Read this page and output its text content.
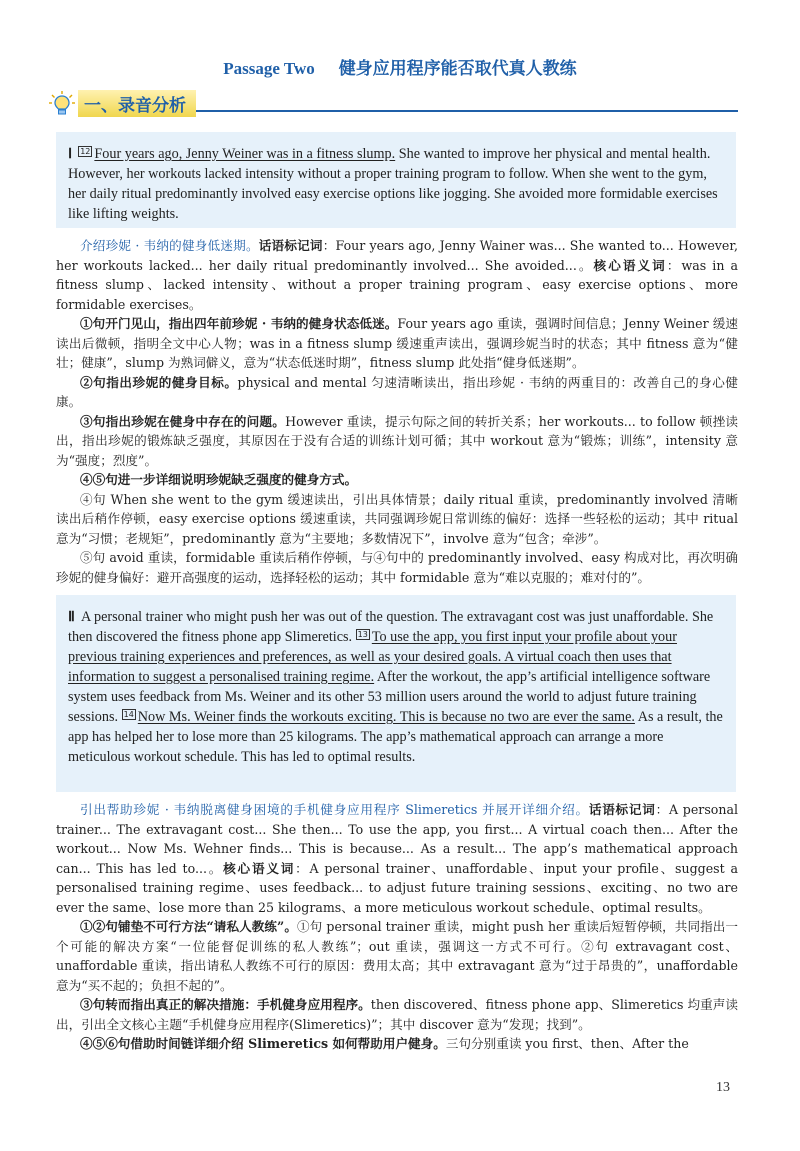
Passage Two 健身应用程序能否取代真人教练
一、录音分析
Ⅰ 12 Four years ago, Jenny Weiner was in a fitness slump. She wanted to improve her physical and mental health. However, her workouts lacked intensity without a proper training program to follow. When she went to the gym, her daily ritual predominantly involved easy exercise options like jogging. She avoided more formidable exercises like lifting weights.

介绍珍妮 · 韦纳的健身低迷期。话语标记词：Four years ago, Jenny Wainer was... She wanted to... However, her workouts lacked... her daily ritual predominantly involved... She avoided...。核心语义词：was in a fitness slump、lacked intensity、without a proper training program、easy exercise options、more formidable exercises。

①句开门见山，指出四年前珍妮 · 韦纳的健身状态低迷。Four years ago 重读，强调时间信息；Jenny Weiner 缓速读出后微顿，指明全文中心人物；was in a fitness slump 缓速重声读出，强调珍妮当时的状态；其中 fitness 意为“健壮；健康”，slump 为熟词僻义，意为“状态低迷时期”，fitness slump 此处指“健身低迷期”。

②句指出珍妮的健身目标。physical and mental 匀速清晰读出，指出珍妮 · 韦纳的两重目的：改善自己的身心健康。

③句指出珍妮在健身中存在的问题。However 重读，提示句际之间的转折关系；her workouts... to follow 顿挫读出，指出珍妮的锻炼缺乏强度，其原因在于没有合适的训练计划可循；其中 workout 意为“锻炼；训练”，intensity 意为“强度；烈度”。

④⑤句进一步详细说明珍妮缺乏强度的健身方式。

④句 When she went to the gym 缓速读出，引出具体情景；daily ritual 重读，predominantly involved 清晰读出后稍作停顿，easy exercise options 缓速重读，共同强调珍妮日常训练的偏好：选择一些轻松的运动；其中 ritual 意为“习惯；老规矩”，predominantly 意为“主要地；多数情况下”，involve 意为“包含；牵涉”。

⑤句 avoid 重读，formidable 重读后稍作停顿，与④句中的 predominantly involved、easy 构成对比，再次明确珍妮的健身偏好：避开高强度的运动，选择轻松的运动；其中 formidable 意为“难以克服的；难对付的”。

Ⅱ A personal trainer who might push her was out of the question. The extravagant cost was just unaffordable. She then discovered the fitness phone app Slimeretics. 13 To use the app, you first input your profile about your previous training experiences and preferences, as well as your desired goals. A virtual coach then uses that information to suggest a personalised training regime. After the workout, the app’s artificial intelligence software system uses feedback from Ms. Weiner and its other 53 million users around the world to adjust future training sessions. 14 Now Ms. Weiner finds the workouts exciting. This is because no two are ever the same. As a result, the app has helped her to lose more than 25 kilograms. The app’s mathematical approach can arrange a more meticulous workout schedule. This has led to optimal results.

引出帮助珍妮 · 韦纳脱离健身困境的手机健身应用程序 Slimeretics 并展开详细介绍。话语标记词：A personal trainer... The extravagant cost... She then... To use the app, you first... A virtual coach then... After the workout... Now Ms. Wehner finds... This is because... As a result... The app’s mathematical approach can... This has led to...。核心语义词：A personal trainer、unaffordable、input your profile、suggest a personalised training regime、uses feedback... to adjust future training sessions、exciting、no two are ever the same、lose more than 25 kilograms、a more meticulous workout schedule、optimal results。

①②句铺垫不可行方法“请私人教练”。①句 personal trainer 重读，might push her 重读后短暂停顿，共同指出一个可能的解决方案“一位能督促训练的私人教练”；out 重读，强调这一方式不可行。②句 extravagant cost、unaffordable 重读，指出请私人教练不可行的原因：费用太高；其中 extravagant 意为“过于昂贵的”，unaffordable 意为“买不起的；负担不起的”。

③句转而指出真正的解决措施：手机健身应用程序。then discovered、fitness phone app、Slimeretics 均重声读出，引出全文核心主题“手机健身应用程序(Slimeretics)”；其中 discover 意为“发现；找到”。

④⑤⑥句借助时间链详细介绍 Slimeretics 如何帮助用户健身。三句分别重读 you first、then、After the

13
